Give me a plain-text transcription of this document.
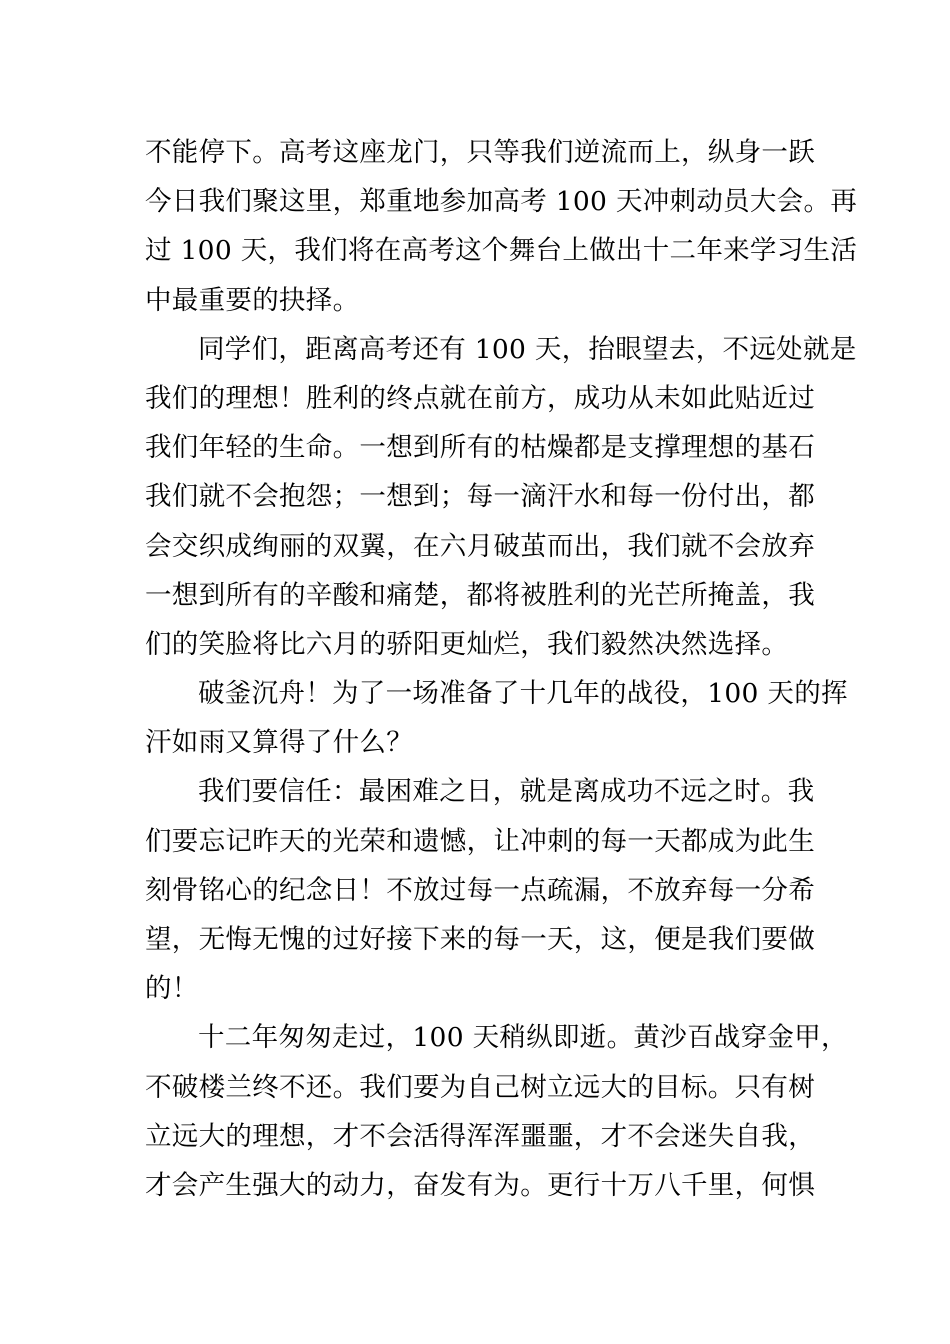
不能停下。高考这座龙门，只等我们逆流而上，纵身一跃
今日我们聚这里，郑重地参加高考 100 天冲刺动员大会。再
过 100 天，我们将在高考这个舞台上做出十二年来学习生活
中最重要的抉择。
同学们，距离高考还有 100 天，抬眼望去，不远处就是
我们的理想！胜利的终点就在前方，成功从未如此贴近过
我们年轻的生命。一想到所有的枯燥都是支撑理想的基石
我们就不会抱怨；一想到；每一滴汗水和每一份付出，都
会交织成绚丽的双翼，在六月破茧而出，我们就不会放弃
一想到所有的辛酸和痛楚，都将被胜利的光芒所掩盖，我
们的笑脸将比六月的骄阳更灿烂，我们毅然决然选择。
破釜沉舟！为了一场准备了十几年的战役，100 天的挥
汗如雨又算得了什么？
我们要信任：最困难之日，就是离成功不远之时。我
们要忘记昨天的光荣和遗憾，让冲刺的每一天都成为此生
刻骨铭心的纪念日！不放过每一点疏漏，不放弃每一分希
望，无悔无愧的过好接下来的每一天，这，便是我们要做
的！
十二年匆匆走过，100 天稍纵即逝。黄沙百战穿金甲，
不破楼兰终不还。我们要为自己树立远大的目标。只有树
立远大的理想，才不会活得浑浑噩噩，才不会迷失自我，
才会产生强大的动力，奋发有为。更行十万八千里，何惧
